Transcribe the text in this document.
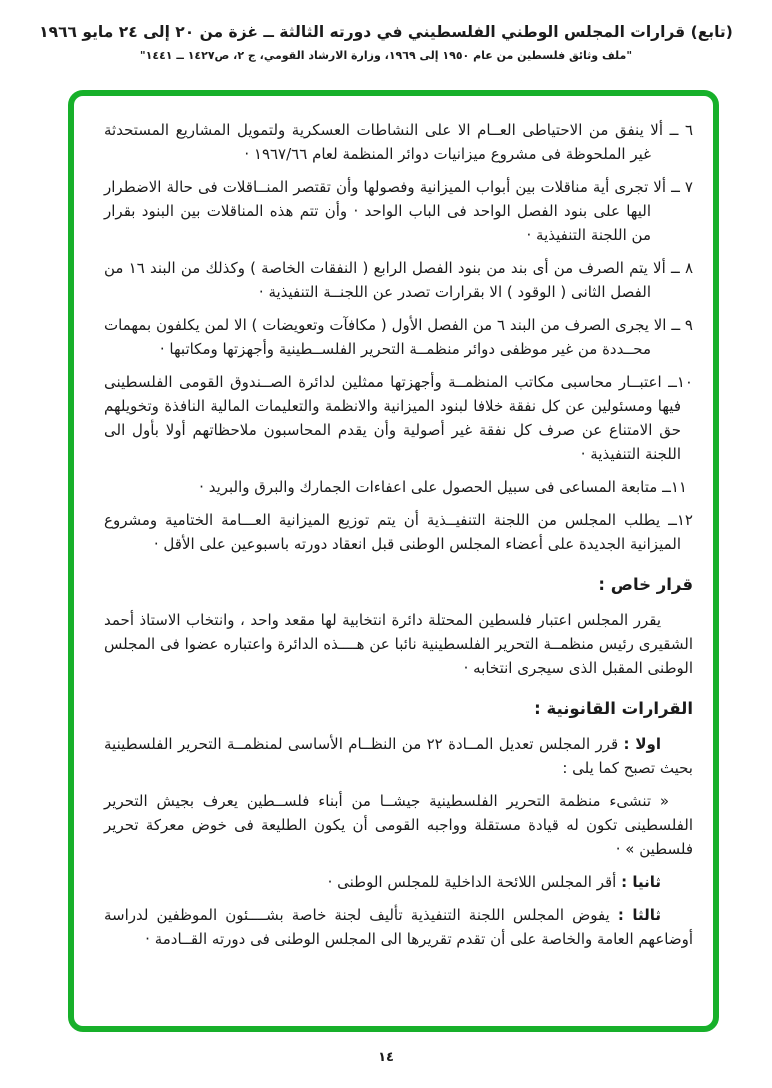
(تابع) قرارات المجلس الوطني الفلسطيني في دورته الثالثة ــ غزة من ٢٠ إلى ٢٤ مايو ١٩٦٦
"ملف وثائق فلسطين من عام ١٩٥٠ إلى ١٩٦٩، وزارة الارشاد القومي، ج ٢، ص١٤٢٧ ــ ١٤٤١"
٦ ــ ألا ينفق من الاحتياطى العــام الا على النشاطات العسكرية ولتمويل المشاريع المستحدثة غير الملحوظة فى مشروع ميزانيات دوائر المنظمة لعام ١٩٦٧/٦٦ ·
٧ ــ ألا تجرى أية مناقلات بين أبواب الميزانية وفصولها وأن تقتصر المنــاقلات فى حالة الاضطرار اليها على بنود الفصل الواحد فى الباب الواحد · وأن تتم هذه المناقلات بين البنود بقرار من اللجنة التنفيذية ·
٨ ــ ألا يتم الصرف من أى بند من بنود الفصل الرابع ( النفقات الخاصة ) وكذلك من البند ١٦ من الفصل الثانى ( الوقود ) الا بقرارات تصدر عن اللجنــة التنفيذية ·
٩ ــ الا يجرى الصرف من البند ٦ من الفصل الأول ( مكافآت وتعويضات ) الا لمن يكلفون بمهمات محــددة من غير موظفى دوائر منظمــة التحرير الفلســطينية وأجهزتها ومكاتبها ·
١٠ــ اعتبــار محاسبى مكاتب المنظمــة وأجهزتها ممثلين لدائرة الصــندوق القومى الفلسطينى فيها ومسئولين عن كل نفقة خلافا لبنود الميزانية والانظمة والتعليمات المالية النافذة وتخويلهم حق الامتناع عن صرف كل نفقة غير أصولية وأن يقدم المحاسبون ملاحظاتهم أولا بأول الى اللجنة التنفيذية ·
١١ــ متابعة المساعى فى سبيل الحصول على اعفاءات الجمارك والبرق والبريد ·
١٢ــ يطلب المجلس من اللجنة التنفيــذية أن يتم توزيع الميزانية العـــامة الختامية ومشروع الميزانية الجديدة على أعضاء المجلس الوطنى قبل انعقاد دورته باسبوعين على الأقل ·
قرار خاص :
يقرر المجلس اعتبار فلسطين المحتلة دائرة انتخابية لها مقعد واحد ، وانتخاب الاستاذ أحمد الشقيرى رئيس منظمــة التحرير الفلسطينية نائبا عن هــــذه الدائرة واعتباره عضوا فى المجلس الوطنى المقبل الذى سيجرى انتخابه ·
القرارات القانونية :
اولا : قرر المجلس تعديل المــادة ٢٢ من النظــام الأساسى لمنظمــة التحرير الفلسطينية بحيث تصبح كما يلى :
« تنشىء منظمة التحرير الفلسطينية جيشــا من أبناء فلســطين يعرف بجيش التحرير الفلسطينى تكون له قيادة مستقلة وواجبه القومى أن يكون الطليعة فى خوض معركة تحرير فلسطين » ·
ثانيا : أقر المجلس اللائحة الداخلية للمجلس الوطنى ·
ثالثا : يفوض المجلس اللجنة التنفيذية تأليف لجنة خاصة بشــــئون الموظفين لدراسة أوضاعهم العامة والخاصة على أن تقدم تقريرها الى المجلس الوطنى فى دورته القــادمة ·
١٤
